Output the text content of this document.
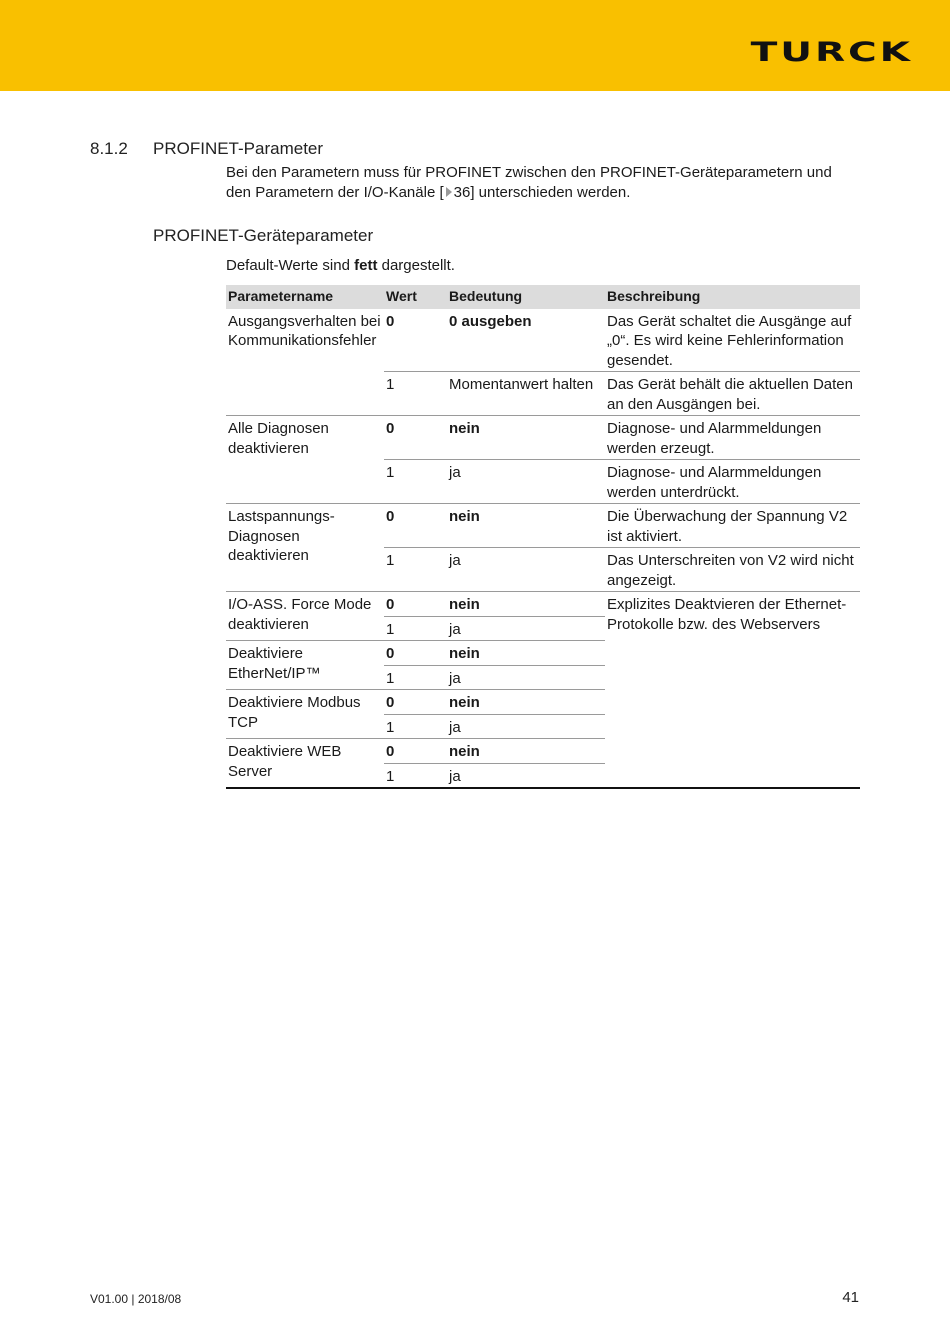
TURCK
8.1.2 PROFINET-Parameter
Bei den Parametern muss für PROFINET zwischen den PROFINET-Geräteparametern und den Parametern der I/O-Kanäle [ 36] unterschieden werden.
PROFINET-Geräteparameter
Default-Werte sind fett dargestellt.
Parametername	Wert	Bedeutung	Beschreibung
Ausgangsverhalten bei Kommunikationsfehler	0	0 ausgeben	Das Gerät schaltet die Ausgänge auf „0“. Es wird keine Fehlerinformation gesendet.
	1	Momentanwert halten	Das Gerät behält die aktuellen Daten an den Ausgängen bei.
Alle Diagnosen deaktivieren	0	nein	Diagnose- und Alarmmeldungen werden erzeugt.
	1	ja	Diagnose- und Alarmmeldungen werden unterdrückt.
Lastspannungs-Diagnosen deaktivieren	0	nein	Die Überwachung der Spannung V2 ist aktiviert.
	1	ja	Das Unterschreiten von V2 wird nicht angezeigt.
I/O-ASS. Force Mode deaktivieren	0	nein	Explizites Deaktvieren der Ethernet-Protokolle bzw. des Webservers
	1	ja	
Deaktiviere EtherNet/IP™	0	nein	
	1	ja	
Deaktiviere Modbus TCP	0	nein	
	1	ja	
Deaktiviere WEB Server	0	nein	
	1	ja	
V01.00 | 2018/08	41
